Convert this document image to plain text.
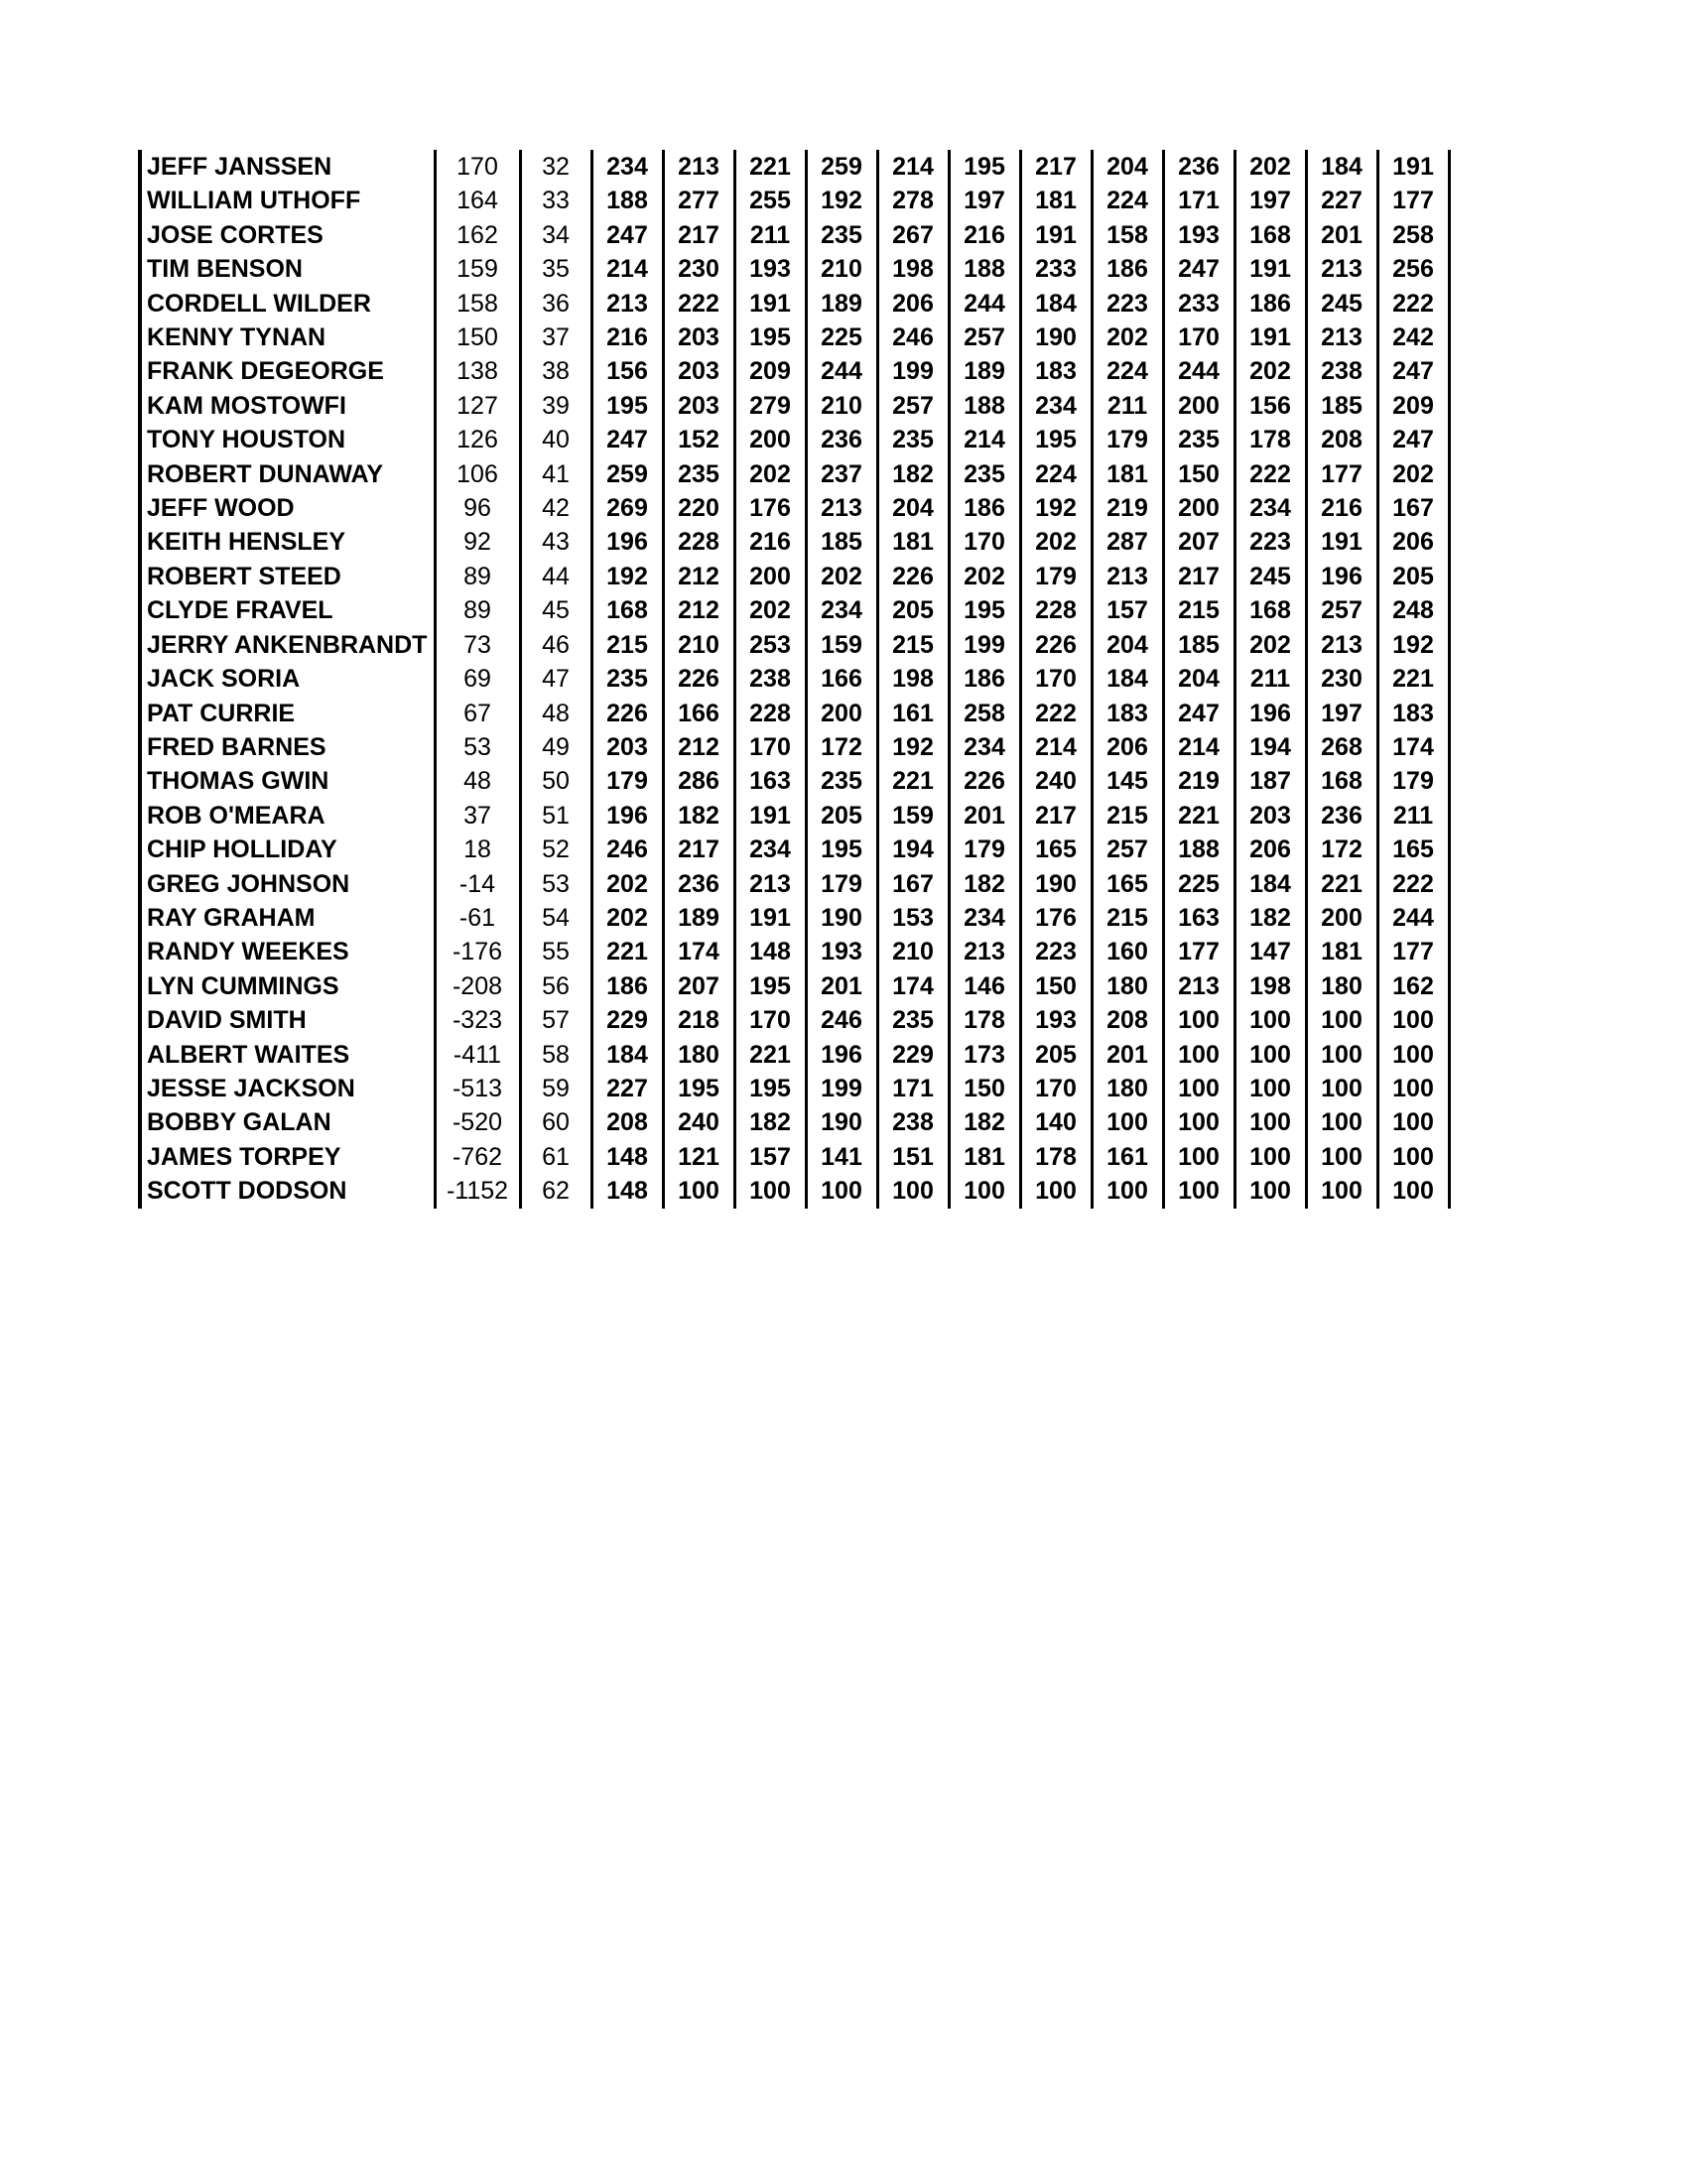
JEFF JANSSEN	170	32	234	213	221	259	214	195	217	204	236	202	184	191
WILLIAM UTHOFF	164	33	188	277	255	192	278	197	181	224	171	197	227	177
JOSE CORTES	162	34	247	217	211	235	267	216	191	158	193	168	201	258
TIM BENSON	159	35	214	230	193	210	198	188	233	186	247	191	213	256
CORDELL WILDER	158	36	213	222	191	189	206	244	184	223	233	186	245	222
KENNY TYNAN	150	37	216	203	195	225	246	257	190	202	170	191	213	242
FRANK DEGEORGE	138	38	156	203	209	244	199	189	183	224	244	202	238	247
KAM MOSTOWFI	127	39	195	203	279	210	257	188	234	211	200	156	185	209
TONY HOUSTON	126	40	247	152	200	236	235	214	195	179	235	178	208	247
ROBERT DUNAWAY	106	41	259	235	202	237	182	235	224	181	150	222	177	202
JEFF WOOD	96	42	269	220	176	213	204	186	192	219	200	234	216	167
KEITH HENSLEY	92	43	196	228	216	185	181	170	202	287	207	223	191	206
ROBERT STEED	89	44	192	212	200	202	226	202	179	213	217	245	196	205
CLYDE FRAVEL	89	45	168	212	202	234	205	195	228	157	215	168	257	248
JERRY ANKENBRANDT	73	46	215	210	253	159	215	199	226	204	185	202	213	192
JACK SORIA	69	47	235	226	238	166	198	186	170	184	204	211	230	221
PAT CURRIE	67	48	226	166	228	200	161	258	222	183	247	196	197	183
FRED BARNES	53	49	203	212	170	172	192	234	214	206	214	194	268	174
THOMAS GWIN	48	50	179	286	163	235	221	226	240	145	219	187	168	179
ROB O'MEARA	37	51	196	182	191	205	159	201	217	215	221	203	236	211
CHIP HOLLIDAY	18	52	246	217	234	195	194	179	165	257	188	206	172	165
GREG JOHNSON	-14	53	202	236	213	179	167	182	190	165	225	184	221	222
RAY GRAHAM	-61	54	202	189	191	190	153	234	176	215	163	182	200	244
RANDY WEEKES	-176	55	221	174	148	193	210	213	223	160	177	147	181	177
LYN CUMMINGS	-208	56	186	207	195	201	174	146	150	180	213	198	180	162
DAVID SMITH	-323	57	229	218	170	246	235	178	193	208	100	100	100	100
ALBERT WAITES	-411	58	184	180	221	196	229	173	205	201	100	100	100	100
JESSE JACKSON	-513	59	227	195	195	199	171	150	170	180	100	100	100	100
BOBBY GALAN	-520	60	208	240	182	190	238	182	140	100	100	100	100	100
JAMES TORPEY	-762	61	148	121	157	141	151	181	178	161	100	100	100	100
SCOTT DODSON	-1152	62	148	100	100	100	100	100	100	100	100	100	100	100
